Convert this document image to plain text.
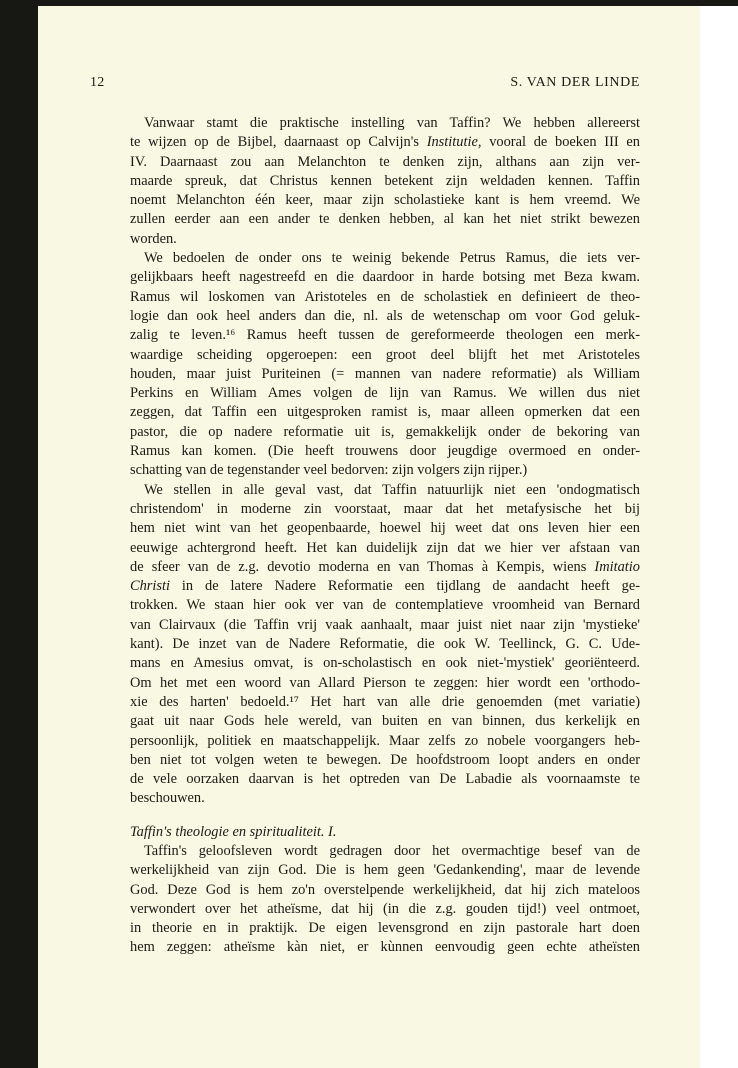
12	S. VAN DER LINDE
Vanwaar stamt die praktische instelling van Taffin? We hebben allereerst
te wijzen op de Bijbel, daarnaast op Calvijn's Institutie, vooral de boeken III en
IV. Daarnaast zou aan Melanchton te denken zijn, althans aan zijn ver-
maarde spreuk, dat Christus kennen betekent zijn weldaden kennen. Taffin
noemt Melanchton één keer, maar zijn scholastieke kant is hem vreemd. We
zullen eerder aan een ander te denken hebben, al kan het niet strikt bewezen
worden.
We bedoelen de onder ons te weinig bekende Petrus Ramus, die iets ver-
gelijkbaars heeft nagestreefd en die daardoor in harde botsing met Beza kwam.
Ramus wil loskomen van Aristoteles en de scholastiek en definieert de theo-
logie dan ook heel anders dan die, nl. als de wetenschap om voor God geluk-
zalig te leven.¹⁶ Ramus heeft tussen de gereformeerde theologen een merk-
waardige scheiding opgeroepen: een groot deel blijft het met Aristoteles
houden, maar juist Puriteinen (= mannen van nadere reformatie) als William
Perkins en William Ames volgen de lijn van Ramus. We willen dus niet
zeggen, dat Taffin een uitgesproken ramist is, maar alleen opmerken dat een
pastor, die op nadere reformatie uit is, gemakkelijk onder de bekoring van
Ramus kan komen. (Die heeft trouwens door jeugdige overmoed en onder-
schatting van de tegenstander veel bedorven: zijn volgers zijn rijper.)
We stellen in alle geval vast, dat Taffin natuurlijk niet een 'ondogmatisch
christendom' in moderne zin voorstaat, maar dat het metafysische het bij
hem niet wint van het geopenbaarde, hoewel hij weet dat ons leven hier een
eeuwige achtergrond heeft. Het kan duidelijk zijn dat we hier ver afstaan van
de sfeer van de z.g. devotio moderna en van Thomas à Kempis, wiens Imitatio
Christi in de latere Nadere Reformatie een tijdlang de aandacht heeft ge-
trokken. We staan hier ook ver van de contemplatieve vroomheid van Bernard
van Clairvaux (die Taffin vrij vaak aanhaalt, maar juist niet naar zijn 'mystieke'
kant). De inzet van de Nadere Reformatie, die ook W. Teellinck, G. C. Ude-
mans en Amesius omvat, is on-scholastisch en ook niet-'mystiek' georiënteerd.
Om het met een woord van Allard Pierson te zeggen: hier wordt een 'orthodo-
xie des harten' bedoeld.¹⁷ Het hart van alle drie genoemden (met variatie)
gaat uit naar Gods hele wereld, van buiten en van binnen, dus kerkelijk en
persoonlijk, politiek en maatschappelijk. Maar zelfs zo nobele voorgangers heb-
ben niet tot volgen weten te bewegen. De hoofdstroom loopt anders en onder
de vele oorzaken daarvan is het optreden van De Labadie als voornaamste te
beschouwen.
Taffin's theologie en spiritualiteit. I.
Taffin's geloofsleven wordt gedragen door het overmachtige besef van de
werkelijkheid van zijn God. Die is hem geen 'Gedankending', maar de levende
God. Deze God is hem zo'n overstelpende werkelijkheid, dat hij zich mateloos
verwondert over het atheïsme, dat hij (in die z.g. gouden tijd!) veel ontmoet,
in theorie en in praktijk. De eigen levensgrond en zijn pastorale hart doen
hem zeggen: atheïsme kàn niet, er kùnnen eenvoudig geen echte atheïsten
